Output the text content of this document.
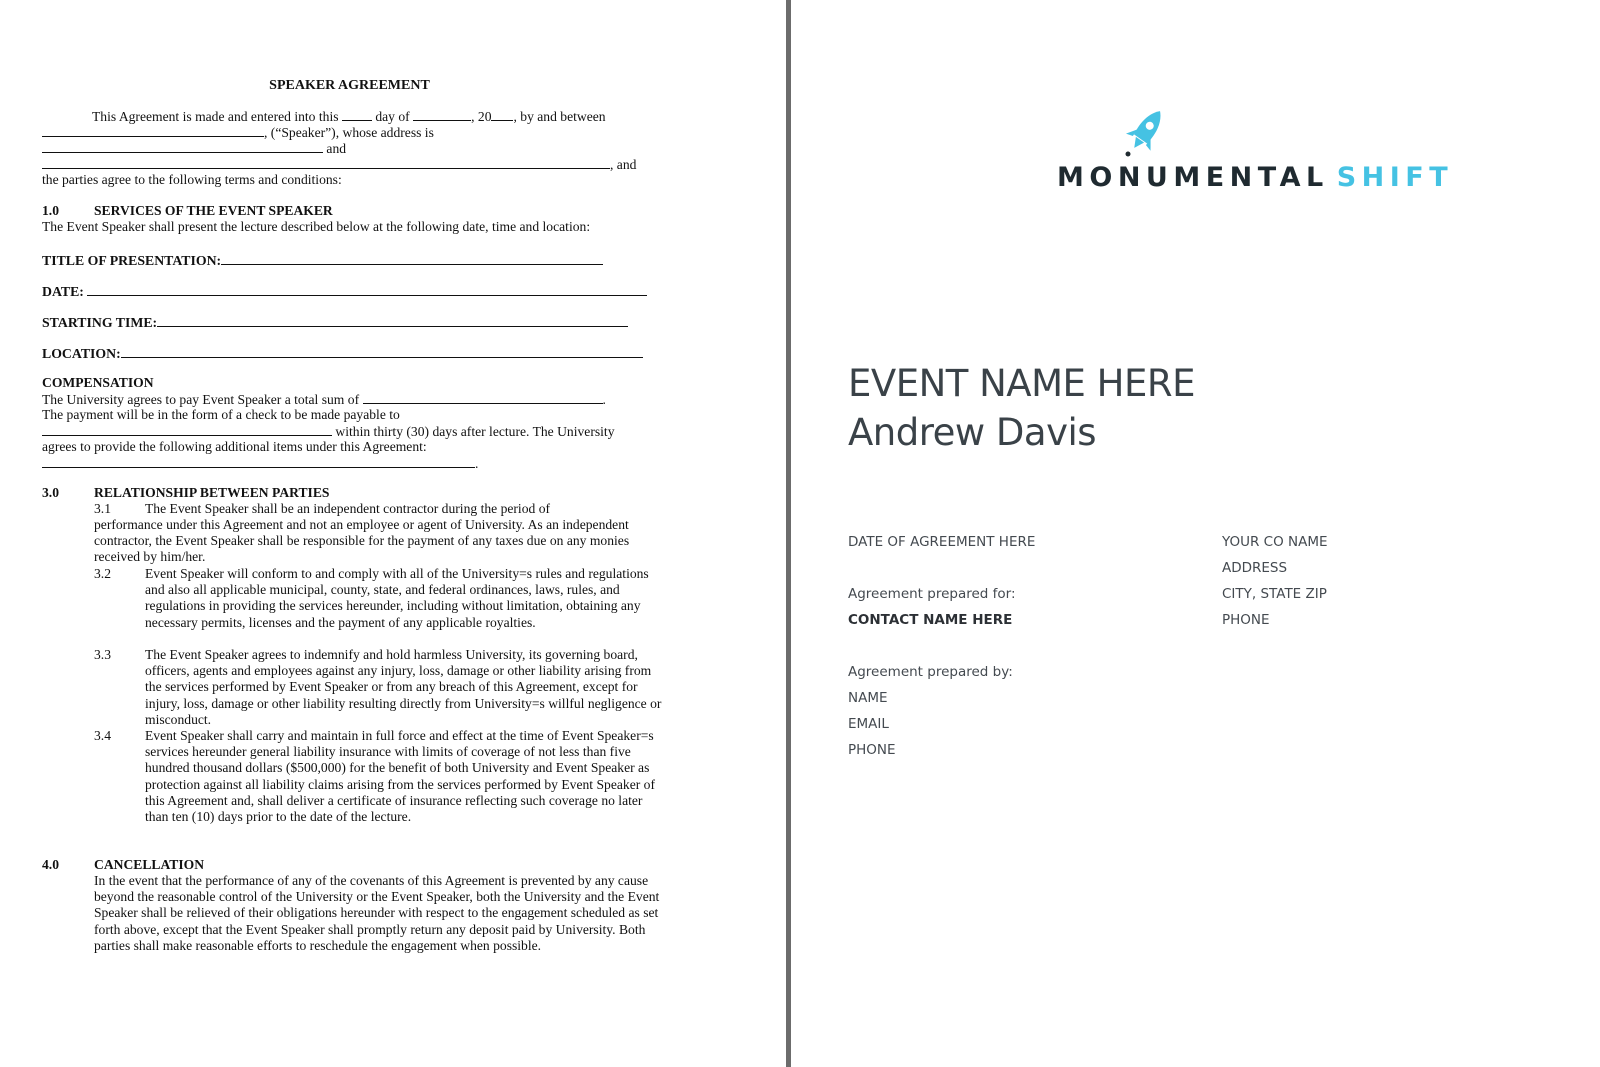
SPEAKER AGREEMENT
This Agreement is made and entered into this	day of	, 20 , by and between
, (“Speaker”), whose address is
and
, and
the parties agree to the following terms and conditions:
1.0	SERVICES OF THE EVENT SPEAKER
The Event Speaker shall present the lecture described below at the following date, time and location:
TITLE OF PRESENTATION:
DATE:
STARTING TIME:
LOCATION:
COMPENSATION
The University agrees to pay Event Speaker a total sum of	.
The payment will be in the form of a check to be made payable to
within thirty (30) days after lecture. The University
agrees to provide the following additional items under this Agreement:
.
3.0	RELATIONSHIP BETWEEN PARTIES
3.1	The Event Speaker shall be an independent contractor during the period of
performance under this Agreement and not an employee or agent of University. As an independent contractor, the Event Speaker shall be responsible for the payment of any taxes due on any monies received by him/her.
3.2	Event Speaker will conform to and comply with all of the University=s rules and regulations and also all applicable municipal, county, state, and federal ordinances, laws, rules, and regulations in providing the services hereunder, including without limitation, obtaining any necessary permits, licenses and the payment of any applicable royalties.
3.3	The Event Speaker agrees to indemnify and hold harmless University, its governing board, officers, agents and employees against any injury, loss, damage or other liability arising from the services performed by Event Speaker or from any breach of this Agreement, except for injury, loss, damage or other liability resulting directly from University=s willful negligence or misconduct.
3.4	Event Speaker shall carry and maintain in full force and effect at the time of Event Speaker=s services hereunder general liability insurance with limits of coverage of not less than five hundred thousand dollars ($500,000) for the benefit of both University and Event Speaker as protection against all liability claims arising from the services performed by Event Speaker of this Agreement and, shall deliver a certificate of insurance reflecting such coverage no later than ten (10) days prior to the date of the lecture.
4.0	CANCELLATION
In the event that the performance of any of the covenants of this Agreement is prevented by any cause beyond the reasonable control of the University or the Event Speaker, both the University and the Event Speaker shall be relieved of their obligations hereunder with respect to the engagement scheduled as set forth above, except that the Event Speaker shall promptly return any deposit paid by University. Both parties shall make reasonable efforts to reschedule the engagement when possible.
MONUMENTAL SHIFT
EVENT NAME HERE
Andrew Davis
DATE OF AGREEMENT HERE
Agreement prepared for:
CONTACT NAME HERE
Agreement prepared by:
NAME
EMAIL
PHONE
YOUR CO NAME
ADDRESS
CITY, STATE ZIP
PHONE
